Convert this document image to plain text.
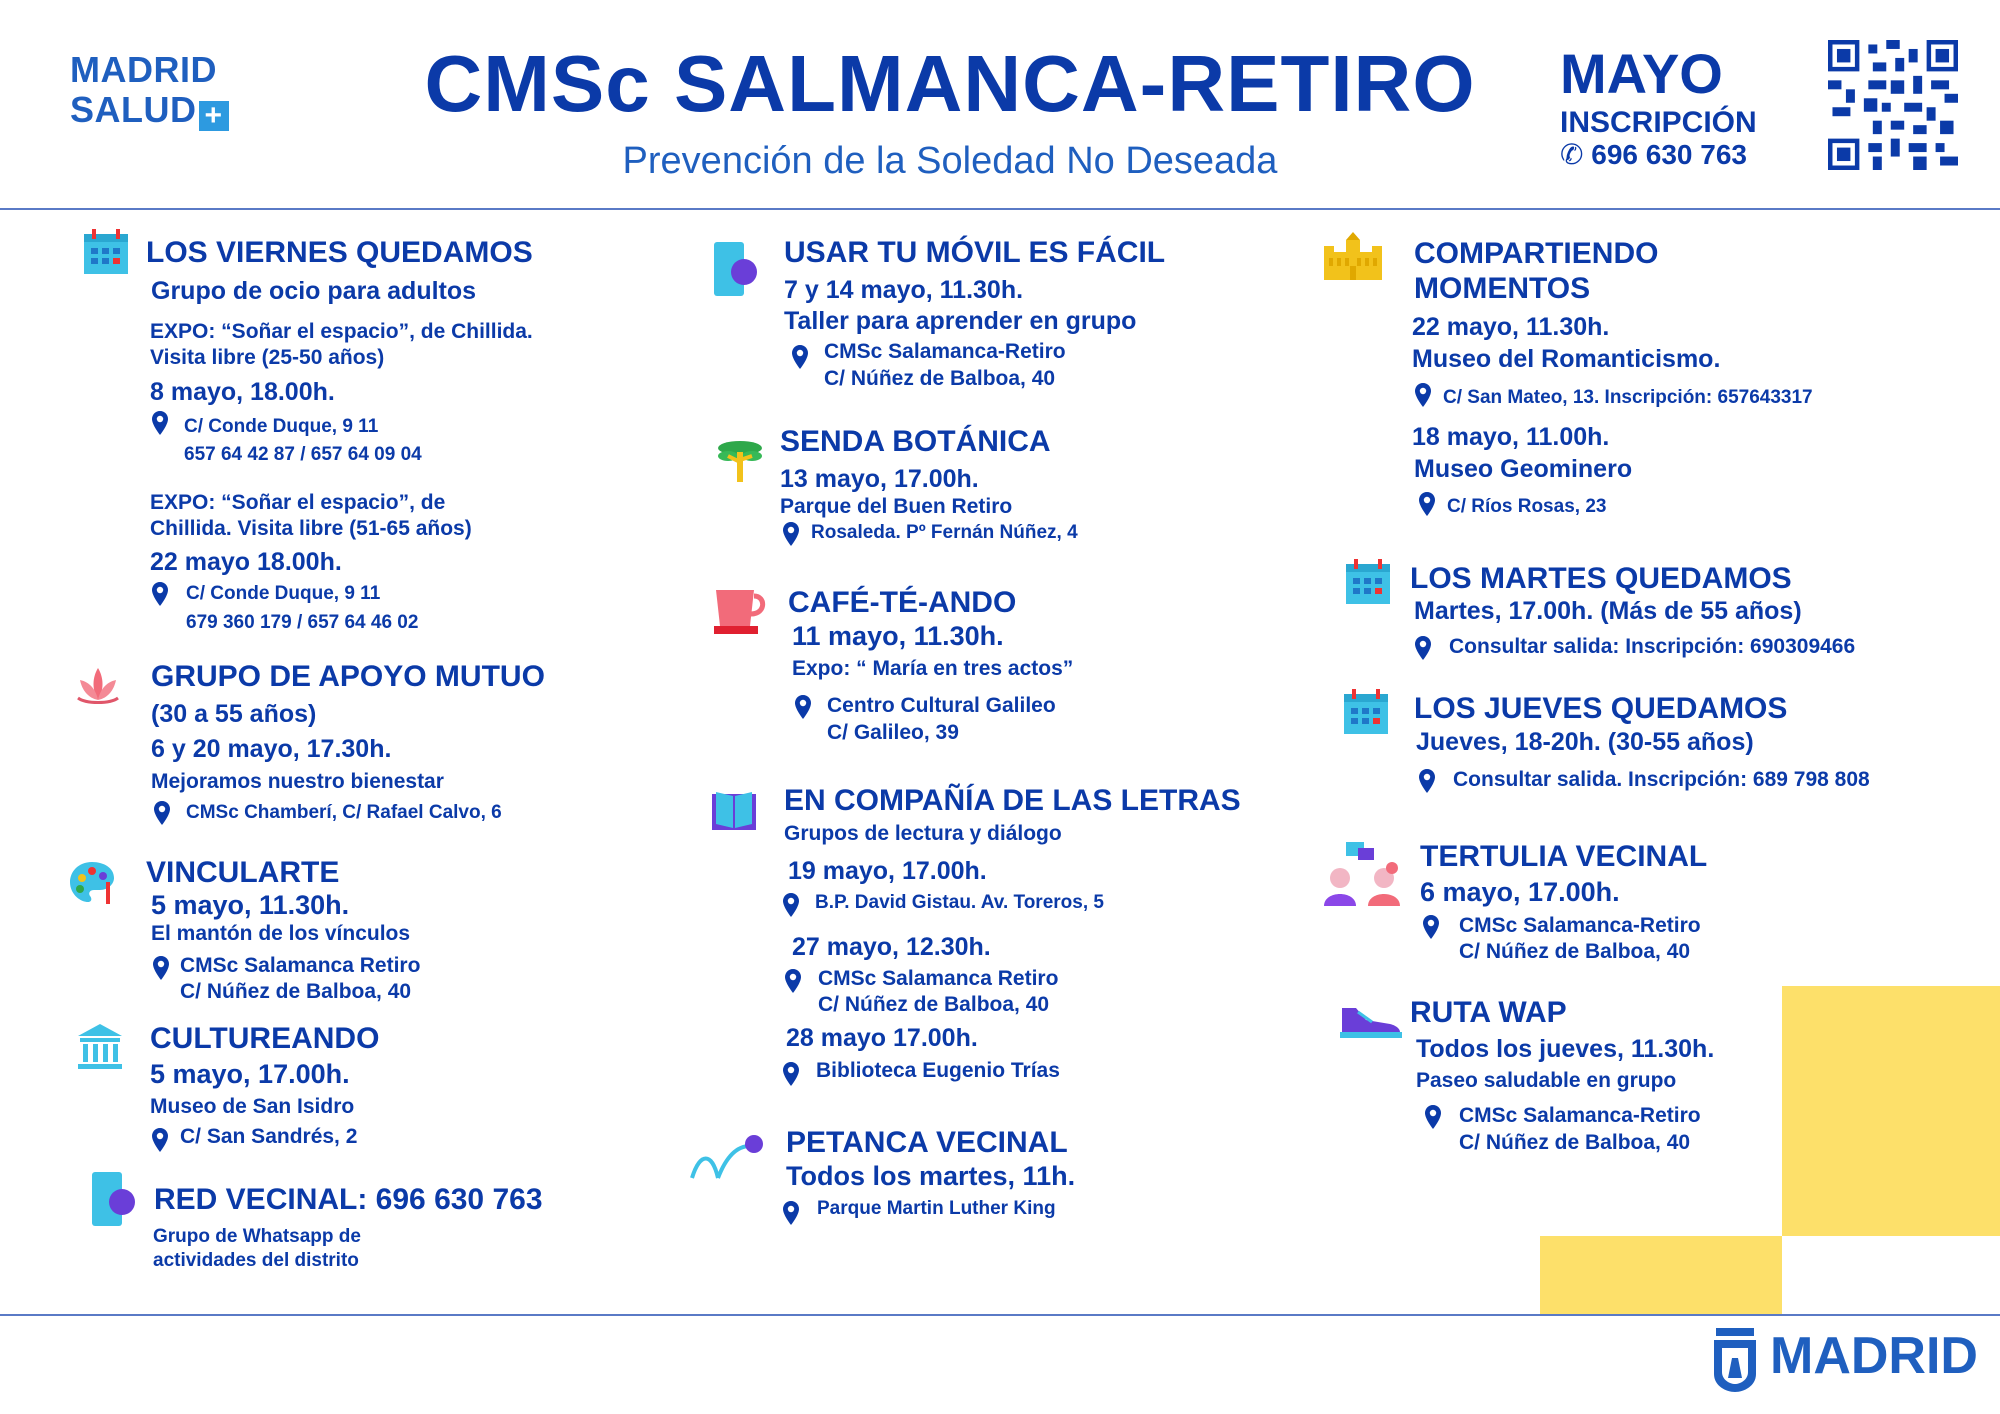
MADRID
SALUD +	CMSc SALMANCA-RETIRO
Prevención de la Soledad No Deseada
MAYO
INSCRIPCIÓN
✆ 696 630 763
LOS VIERNES QUEDAMOS
Grupo de ocio para adultos
EXPO: “Soñar el espacio”, de Chillida.
Visita libre (25-50 años)
8 mayo, 18.00h.
C/ Conde Duque, 9 11
657 64 42 87 / 657 64 09 04
EXPO: “Soñar el espacio”, de
Chillida. Visita libre (51-65 años)
22 mayo 18.00h.
C/ Conde Duque, 9 11
679 360 179 / 657 64 46 02
GRUPO DE APOYO MUTUO
(30 a 55 años)
6 y 20 mayo, 17.30h.
Mejoramos nuestro bienestar
CMSc Chamberí, C/ Rafael Calvo, 6
VINCULARTE
5 mayo, 11.30h.
El mantón de los vínculos
CMSc Salamanca Retiro
C/ Núñez de Balboa, 40
CULTUREANDO
5 mayo, 17.00h.
Museo de San Isidro
C/ San Sandrés, 2
RED VECINAL: 696 630 763
Grupo de Whatsapp de
actividades del distrito
USAR TU MÓVIL ES FÁCIL
7 y 14 mayo, 11.30h.
Taller para aprender en grupo
CMSc Salamanca-Retiro
C/ Núñez de Balboa, 40
SENDA BOTÁNICA
13 mayo, 17.00h.
Parque del Buen Retiro
Rosaleda. Pº Fernán Núñez, 4
CAFÉ-TÉ-ANDO
11 mayo, 11.30h.
Expo: “ María en tres actos”
Centro Cultural Galileo
C/ Galileo, 39
EN COMPAÑÍA DE LAS LETRAS
Grupos de lectura y diálogo
19 mayo, 17.00h.
B.P. David Gistau. Av. Toreros, 5
27 mayo, 12.30h.
CMSc Salamanca Retiro
C/ Núñez de Balboa, 40
28 mayo 17.00h.
Biblioteca Eugenio Trías
PETANCA VECINAL
Todos los martes, 11h.
Parque Martin Luther King
COMPARTIENDO
MOMENTOS
22 mayo, 11.30h.
Museo del Romanticismo.
C/ San Mateo, 13. Inscripción: 657643317
18 mayo, 11.00h.
Museo Geominero
C/ Ríos Rosas, 23
LOS MARTES QUEDAMOS
Martes, 17.00h. (Más de 55 años)
Consultar salida: Inscripción: 690309466
LOS JUEVES QUEDAMOS
Jueves, 18-20h. (30-55 años)
Consultar salida. Inscripción: 689 798 808
TERTULIA VECINAL
6 mayo, 17.00h.
CMSc Salamanca-Retiro
C/ Núñez de Balboa, 40
RUTA WAP
Todos los jueves, 11.30h.
Paseo saludable en grupo
CMSc Salamanca-Retiro
C/ Núñez de Balboa, 40
MADRID
